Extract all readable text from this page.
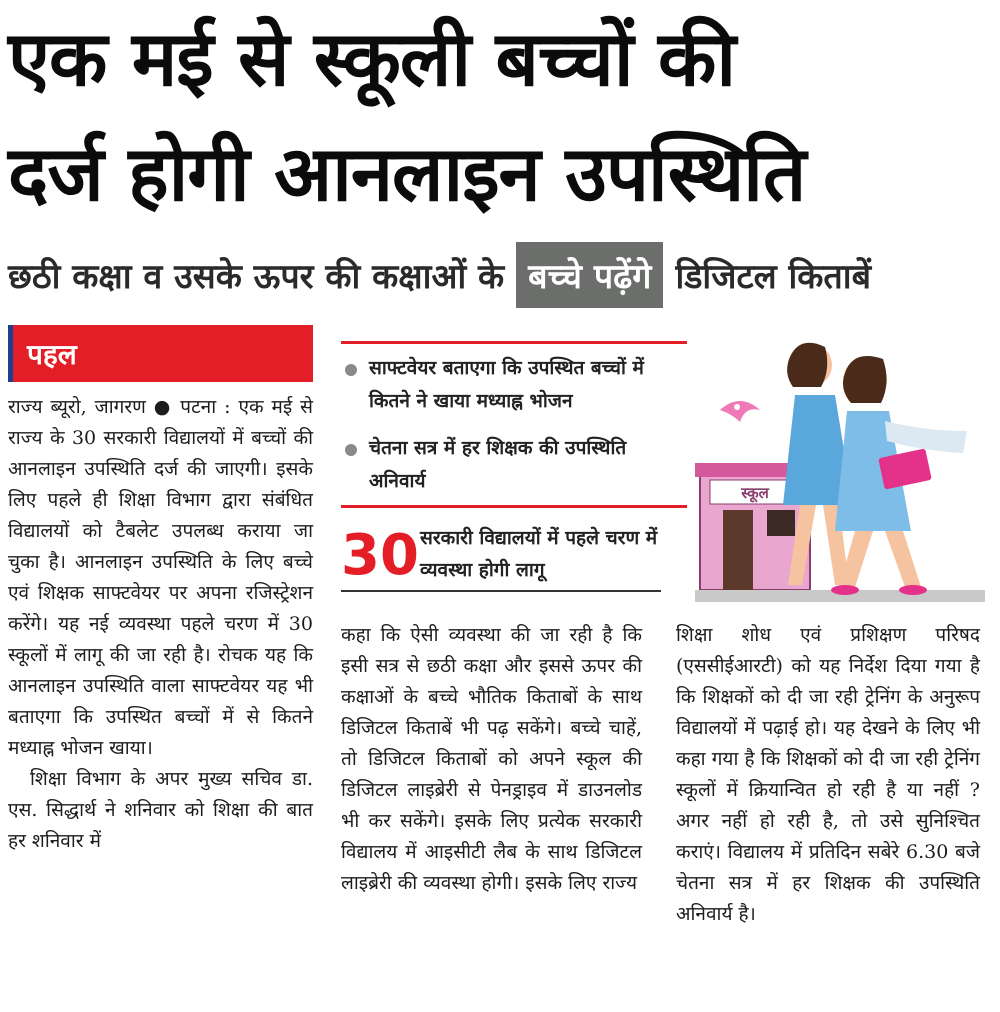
एक मई से स्कूली बच्चों की
दर्ज होगी आनलाइन उपस्थिति
छठी कक्षा व उसके ऊपर की कक्षाओं के बच्चे पढ़ेंगे डिजिटल किताबें
पहल

राज्य ब्यूरो, जागरण ● पटना : एक मई से राज्य के 30 सरकारी विद्यालयों में बच्चों की आनलाइन उपस्थिति दर्ज की जाएगी। इसके लिए पहले ही शिक्षा विभाग द्वारा संबंधित विद्यालयों को टैबलेट उपलब्ध कराया जा चुका है। आनलाइन उपस्थिति के लिए बच्चे एवं शिक्षक साफ्टवेयर पर अपना रजिस्ट्रेशन करेंगे। यह नई व्यवस्था पहले चरण में 30 स्कूलों में लागू की जा रही है। रोचक यह कि आनलाइन उपस्थिति वाला साफ्टवेयर यह भी बताएगा कि उपस्थित बच्चों में से कितने मध्याह्न भोजन खाया।

शिक्षा विभाग के अपर मुख्य सचिव डा. एस. सिद्धार्थ ने शनिवार को शिक्षा की बात हर शनिवार में

साफ्टवेयर बताएगा कि उपस्थित बच्चों में कितने ने खाया मध्याह्न भोजन
चेतना सत्र में हर शिक्षक की उपस्थिति अनिवार्य
30 सरकारी विद्यालयों में पहले चरण में व्यवस्था होगी लागू
स्कूल

कहा कि ऐसी व्यवस्था की जा रही है कि इसी सत्र से छठी कक्षा और इससे ऊपर की कक्षाओं के बच्चे भौतिक किताबों के साथ डिजिटल किताबें भी पढ़ सकेंगे। बच्चे चाहें, तो डिजिटल किताबों को अपने स्कूल की डिजिटल लाइब्रेरी से पेनड्राइव में डाउनलोड भी कर सकेंगे। इसके लिए प्रत्येक सरकारी विद्यालय में आइसीटी लैब के साथ डिजिटल लाइब्रेरी की व्यवस्था होगी। इसके लिए राज्य

शिक्षा शोध एवं प्रशिक्षण परिषद (एससीईआरटी) को यह निर्देश दिया गया है कि शिक्षकों को दी जा रही ट्रेनिंग के अनुरूप विद्यालयों में पढ़ाई हो। यह देखने के लिए भी कहा गया है कि शिक्षकों को दी जा रही ट्रेनिंग स्कूलों में क्रियान्वित हो रही है या नहीं ? अगर नहीं हो रही है, तो उसे सुनिश्चित कराएं। विद्यालय में प्रतिदिन सबेरे 6.30 बजे चेतना सत्र में हर शिक्षक की उपस्थिति अनिवार्य है।
